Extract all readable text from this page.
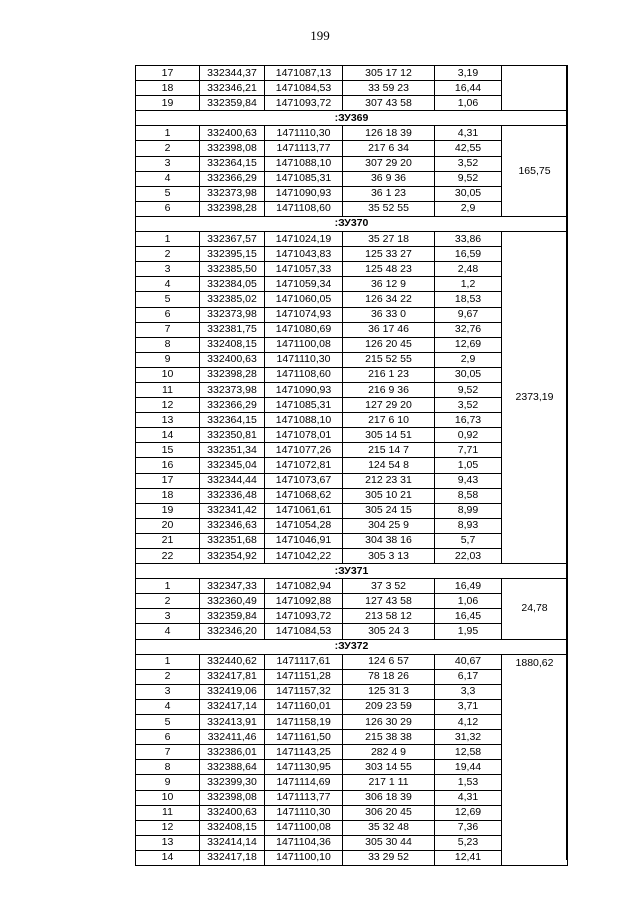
199
17	332344,37	1471087,13	305 17 12	3,19	
18	332346,21	1471084,53	33 59 23	16,44	
19	332359,84	1471093,72	307 43 58	1,06	
:ЗУ369					
1	332400,63	1471110,30	126 18 39	4,31	165,75
2	332398,08	1471113,77	217 6 34	42,55	
3	332364,15	1471088,10	307 29 20	3,52	
4	332366,29	1471085,31	36 9 36	9,52	
5	332373,98	1471090,93	36 1 23	30,05	
6	332398,28	1471108,60	35 52 55	2,9	
:ЗУ370					
1	332367,57	1471024,19	35 27 18	33,86	2373,19
2	332395,15	1471043,83	125 33 27	16,59	
3	332385,50	1471057,33	125 48 23	2,48	
4	332384,05	1471059,34	36 12 9	1,2	
5	332385,02	1471060,05	126 34 22	18,53	
6	332373,98	1471074,93	36 33 0	9,67	
7	332381,75	1471080,69	36 17 46	32,76	
8	332408,15	1471100,08	126 20 45	12,69	
9	332400,63	1471110,30	215 52 55	2,9	
10	332398,28	1471108,60	216 1 23	30,05	
11	332373,98	1471090,93	216 9 36	9,52	
12	332366,29	1471085,31	127 29 20	3,52	
13	332364,15	1471088,10	217 6 10	16,73	
14	332350,81	1471078,01	305 14 51	0,92	
15	332351,34	1471077,26	215 14 7	7,71	
16	332345,04	1471072,81	124 54 8	1,05	
17	332344,44	1471073,67	212 23 31	9,43	
18	332336,48	1471068,62	305 10 21	8,58	
19	332341,42	1471061,61	305 24 15	8,99	
20	332346,63	1471054,28	304 25 9	8,93	
21	332351,68	1471046,91	304 38 16	5,7	
22	332354,92	1471042,22	305 3 13	22,03	
:ЗУ371					
1	332347,33	1471082,94	37 3 52	16,49	24,78
2	332360,49	1471092,88	127 43 58	1,06	
3	332359,84	1471093,72	213 58 12	16,45	
4	332346,20	1471084,53	305 24 3	1,95	
:ЗУ372					
1	332440,62	1471117,61	124 6 57	40,67	1880,62
2	332417,81	1471151,28	78 18 26	6,17	
3	332419,06	1471157,32	125 31 3	3,3	
4	332417,14	1471160,01	209 23 59	3,71	
5	332413,91	1471158,19	126 30 29	4,12	
6	332411,46	1471161,50	215 38 38	31,32	
7	332386,01	1471143,25	282 4 9	12,58	
8	332388,64	1471130,95	303 14 55	19,44	
9	332399,30	1471114,69	217 1 11	1,53	
10	332398,08	1471113,77	306 18 39	4,31	
11	332400,63	1471110,30	306 20 45	12,69	
12	332408,15	1471100,08	35 32 48	7,36	
13	332414,14	1471104,36	305 30 44	5,23	
14	332417,18	1471100,10	33 29 52	12,41	
